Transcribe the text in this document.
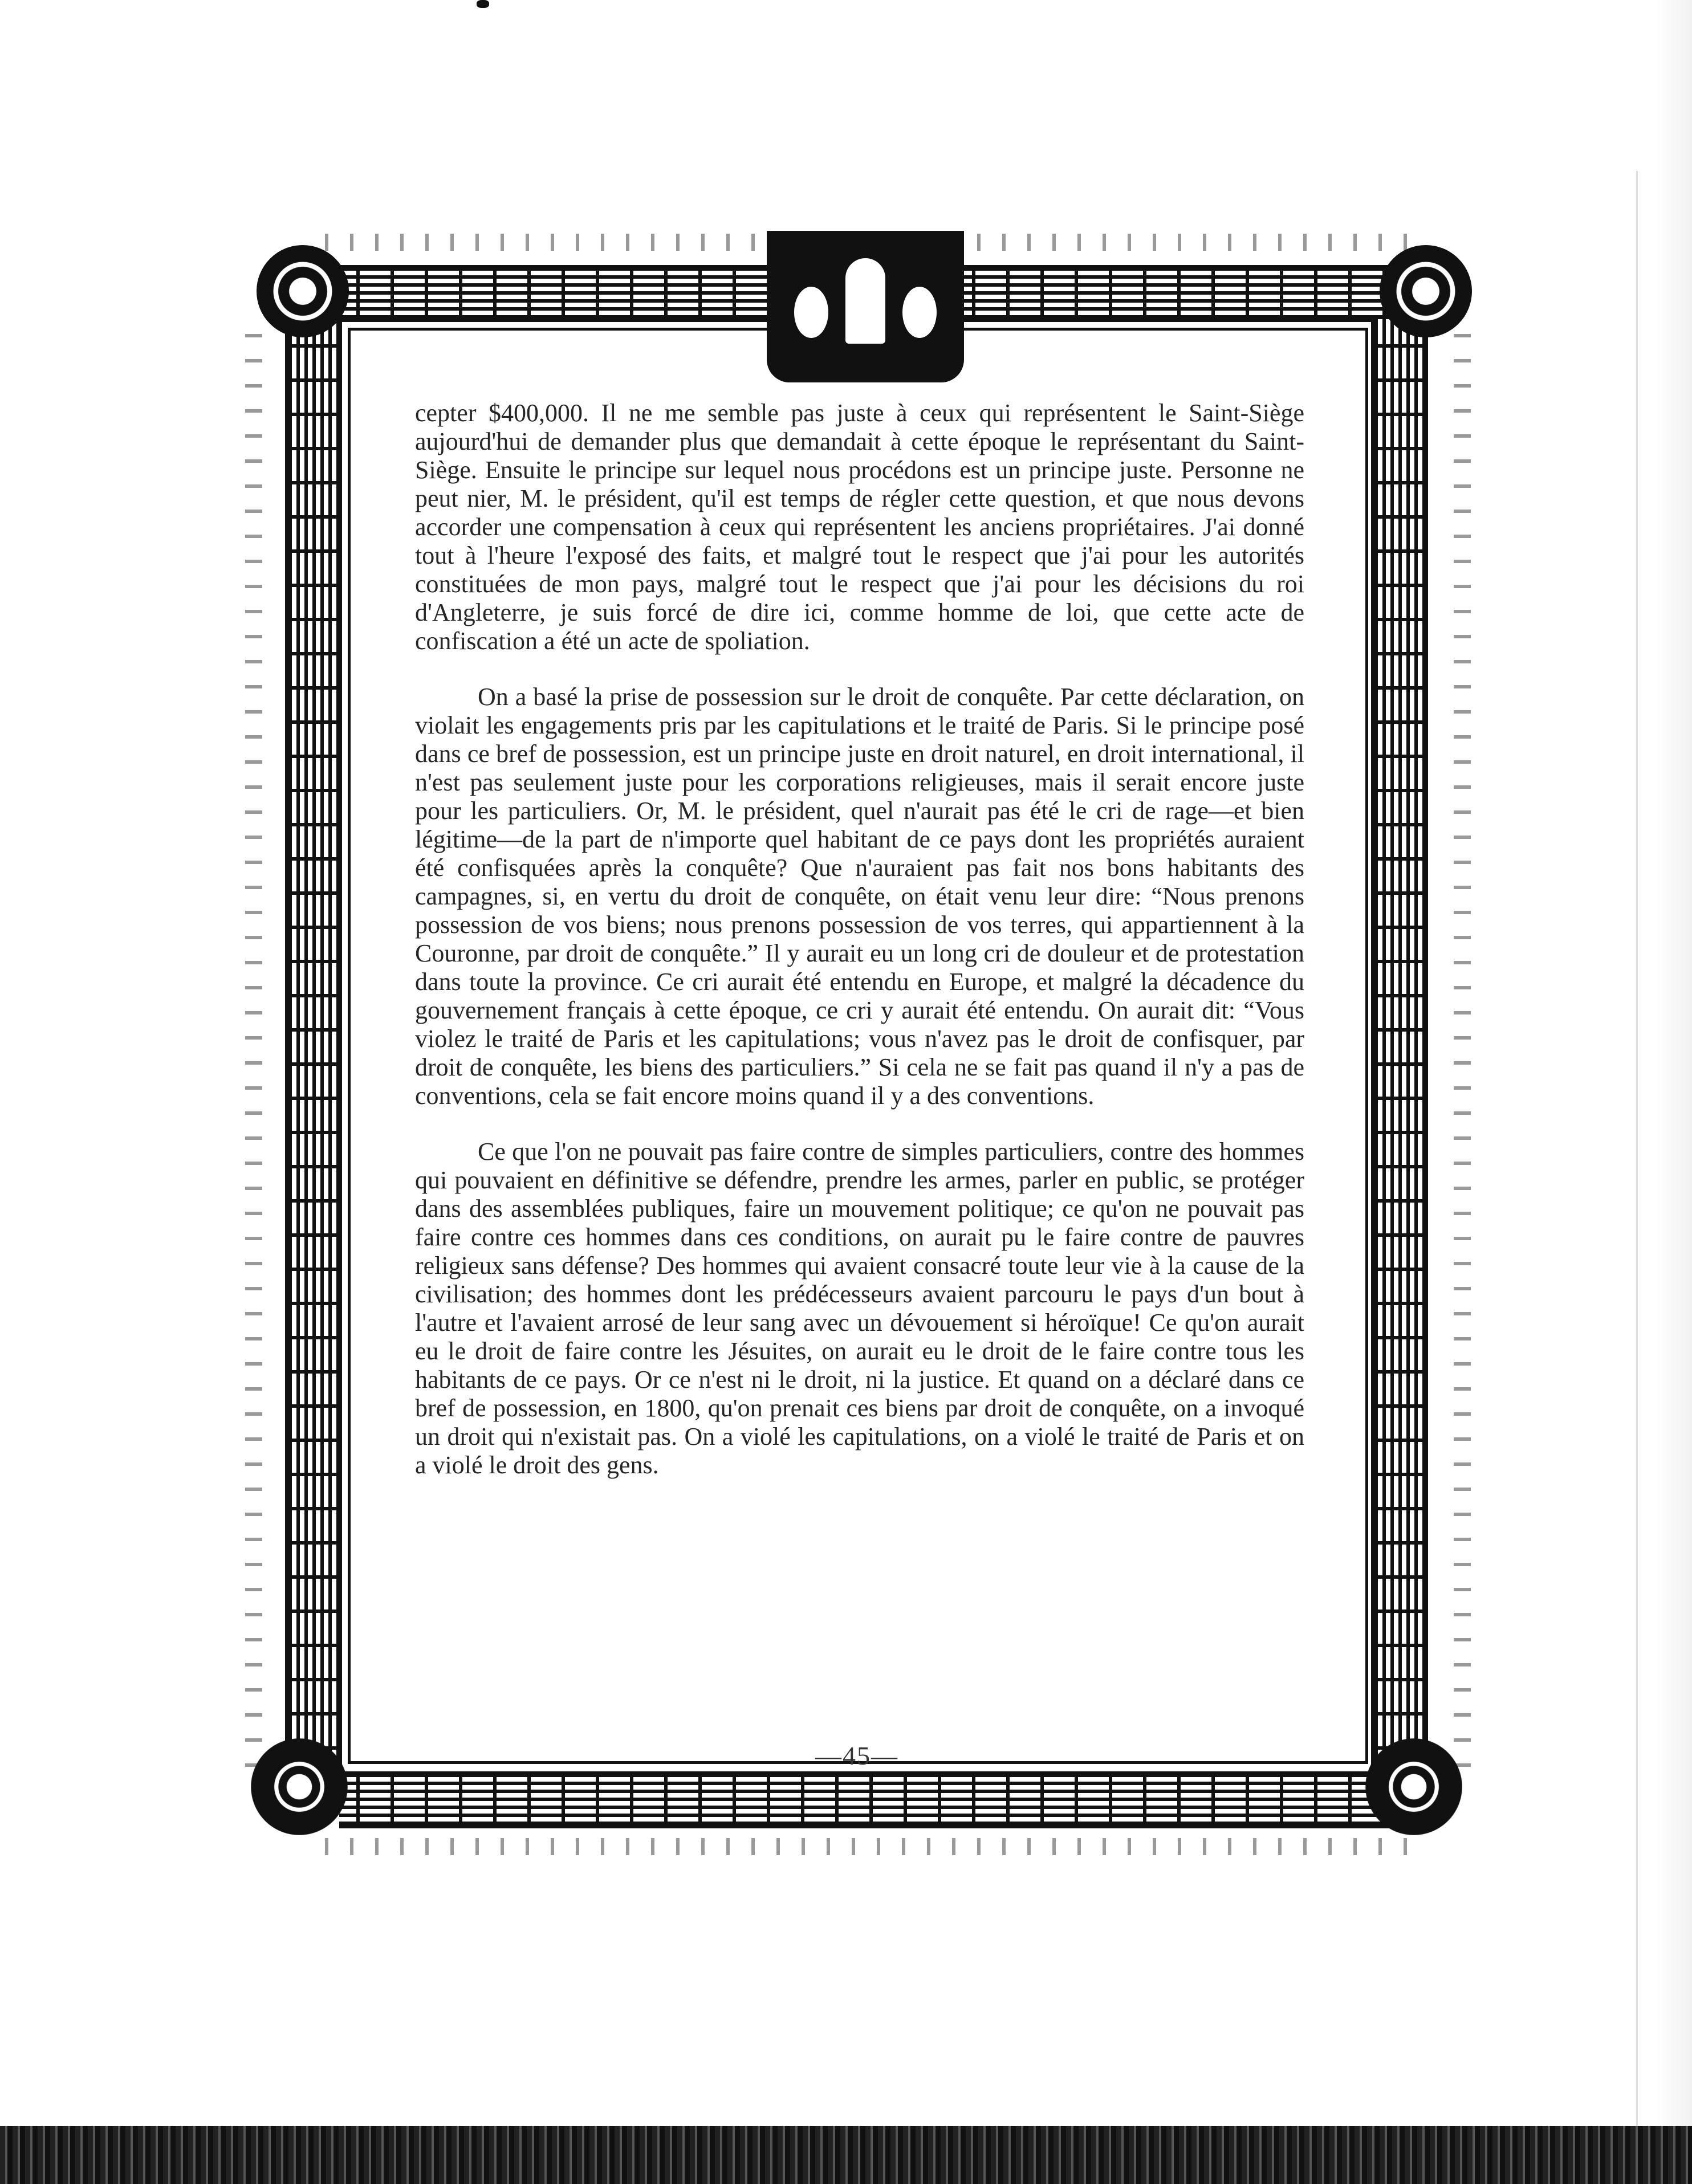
cepter $400,000. Il ne me semble pas juste à ceux qui représentent le Saint-Siège aujourd'hui de demander plus que demandait à cette époque le représentant du Saint-Siège. Ensuite le principe sur lequel nous procédons est un principe juste. Personne ne peut nier, M. le président, qu'il est temps de régler cette question, et que nous devons accorder une compensation à ceux qui représentent les anciens propriétaires. J'ai donné tout à l'heure l'exposé des faits, et malgré tout le respect que j'ai pour les autorités constituées de mon pays, malgré tout le respect que j'ai pour les décisions du roi d'Angleterre, je suis forcé de dire ici, comme homme de loi, que cette acte de confiscation a été un acte de spoliation.

On a basé la prise de possession sur le droit de conquête. Par cette déclaration, on violait les engagements pris par les capitulations et le traité de Paris. Si le principe posé dans ce bref de possession, est un principe juste en droit naturel, en droit international, il n'est pas seulement juste pour les corporations religieuses, mais il serait encore juste pour les particuliers. Or, M. le président, quel n'aurait pas été le cri de rage—et bien légitime—de la part de n'importe quel habitant de ce pays dont les propriétés auraient été confisquées après la conquête? Que n'auraient pas fait nos bons habitants des campagnes, si, en vertu du droit de conquête, on était venu leur dire: “Nous prenons possession de vos biens; nous prenons possession de vos terres, qui appartiennent à la Couronne, par droit de conquête.” Il y aurait eu un long cri de douleur et de protestation dans toute la province. Ce cri aurait été entendu en Europe, et malgré la décadence du gouvernement français à cette époque, ce cri y aurait été entendu. On aurait dit: “Vous violez le traité de Paris et les capitulations; vous n'avez pas le droit de confisquer, par droit de conquête, les biens des particuliers.” Si cela ne se fait pas quand il n'y a pas de conventions, cela se fait encore moins quand il y a des conventions.

Ce que l'on ne pouvait pas faire contre de simples particuliers, contre des hommes qui pouvaient en définitive se défendre, prendre les armes, parler en public, se protéger dans des assemblées publiques, faire un mouvement politique; ce qu'on ne pouvait pas faire contre ces hommes dans ces conditions, on aurait pu le faire contre de pauvres religieux sans défense? Des hommes qui avaient consacré toute leur vie à la cause de la civilisation; des hommes dont les prédécesseurs avaient parcouru le pays d'un bout à l'autre et l'avaient arrosé de leur sang avec un dévouement si héroïque! Ce qu'on aurait eu le droit de faire contre les Jésuites, on aurait eu le droit de le faire contre tous les habitants de ce pays. Or ce n'est ni le droit, ni la justice. Et quand on a déclaré dans ce bref de possession, en 1800, qu'on prenait ces biens par droit de conquête, on a invoqué un droit qui n'existait pas. On a violé les capitulations, on a violé le traité de Paris et on a violé le droit des gens.

—45—
